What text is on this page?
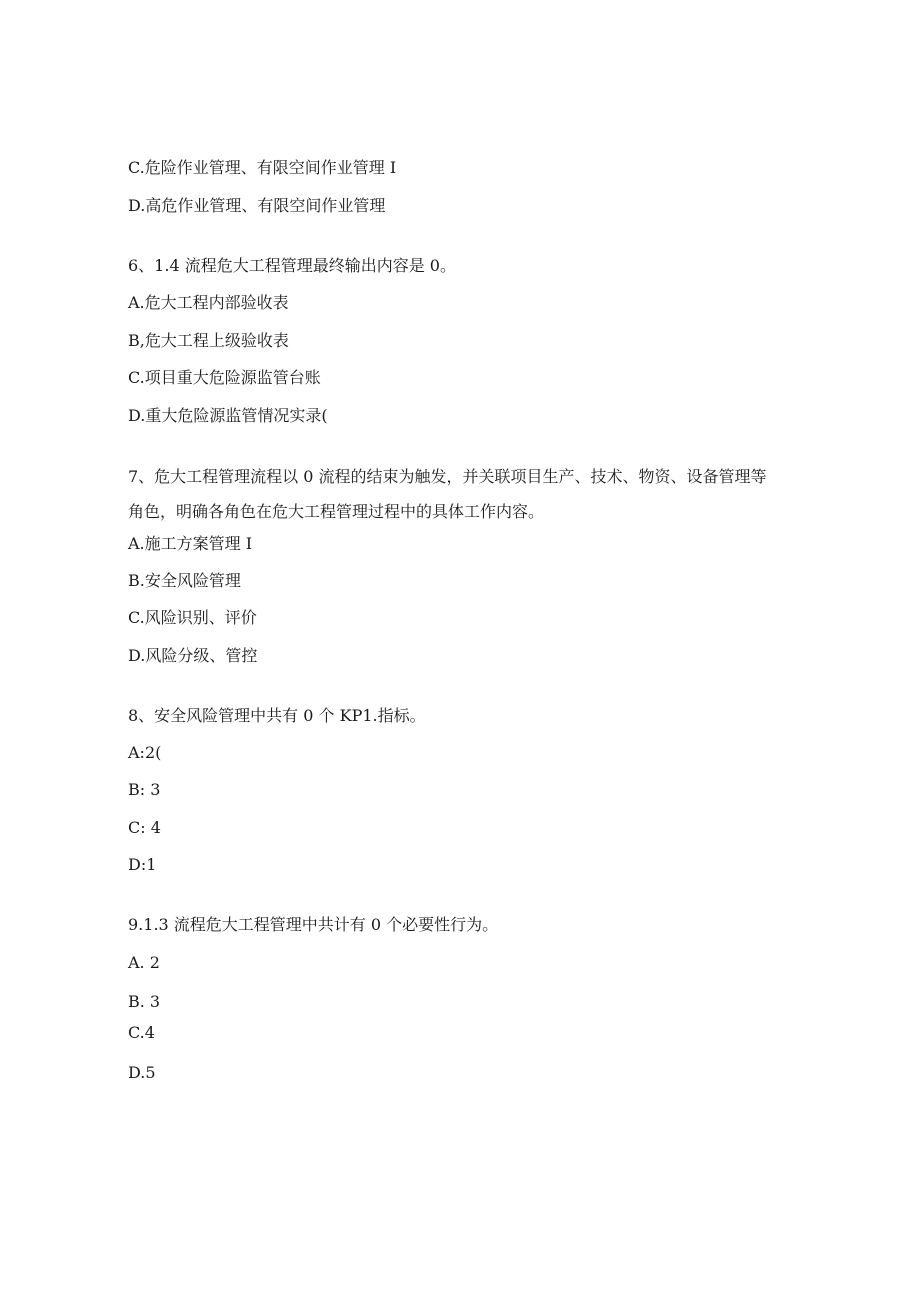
C.危险作业管理、有限空间作业管理 I

D.高危作业管理、有限空间作业管理

6、1.4 流程危大工程管理最终输出内容是 0。

A.危大工程内部验收表

B,危大工程上级验收表

C.项目重大危险源监管台账

D.重大危险源监管情况实录(

7、危大工程管理流程以 0 流程的结束为触发，并关联项目生产、技术、物资、设备管理等角色，明确各角色在危大工程管理过程中的具体工作内容。

A.施工方案管理 I

B.安全风险管理

C.风险识别、评价

D.风险分级、管控

8、安全风险管理中共有 0 个 KP1.指标。

A:2(

B: 3

C: 4

D:1

9.1.3 流程危大工程管理中共计有 0 个必要性行为。

A. 2

B. 3

C.4

D.5
